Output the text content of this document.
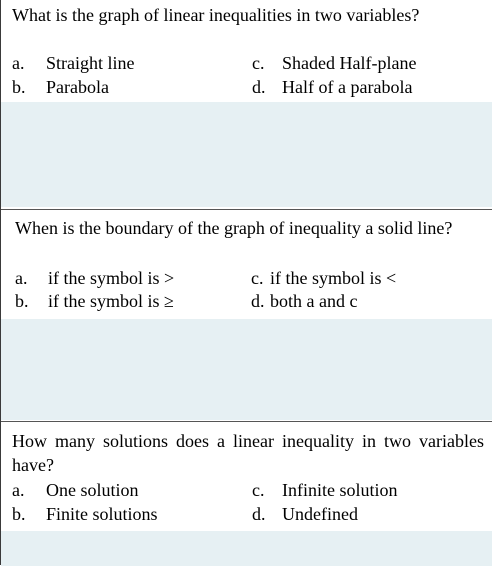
What is the graph of linear inequalities in two variables?
a. Straight line
b. Parabola
c. Shaded Half-plane
d. Half of a parabola
When is the boundary of the graph of inequality a solid line?
a. if the symbol is >
b. if the symbol is ≥
c. if the symbol is <
d. both a and c
How many solutions does a linear inequality in two variables have?
a. One solution
b. Finite solutions
c. Infinite solution
d. Undefined
